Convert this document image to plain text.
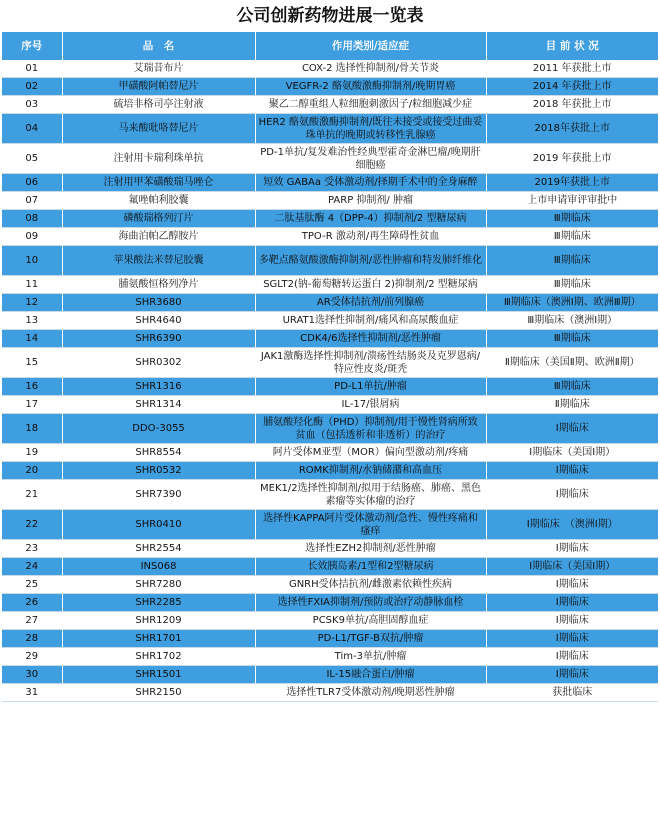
公司创新药物进展一览表
序号	品　名	作用类别/适应症	目 前 状 况
01	艾瑞昔布片	COX-2 选择性抑制剂/骨关节炎	2011 年获批上市
02	甲磺酸阿帕替尼片	VEGFR-2 酪氨酸激酶抑制剂/晚期胃癌	2014 年获批上市
03	硫培非格司亭注射液	聚乙二醇重组人粒细胞刺激因子/粒细胞减少症	2018 年获批上市
04	马来酸吡咯替尼片	HER2 酪氨酸激酶抑制剂/既往未接受或接受过曲妥珠单抗的晚期或转移性乳腺癌	2018年获批上市
05	注射用卡瑞利珠单抗	PD-1单抗/复发难治性经典型霍奇金淋巴瘤/晚期肝细胞癌	2019 年获批上市
06	注射用甲苯磺酸瑞马唑仑	短效 GABAa 受体激动剂/择期手术中的全身麻醉	2019年获批上市
07	氟唑帕利胶囊	PARP 抑制剂/ 肿瘤	上市申请审评审批中
08	磷酸瑞格列汀片	二肽基肽酶 4（DPP-4）抑制剂/2 型糖尿病	Ⅲ期临床
09	海曲泊帕乙醇胺片	TPO-R 激动剂/再生障碍性贫血	Ⅲ期临床
10	苹果酸法米替尼胶囊	多靶点酪氨酸激酶抑制剂/恶性肿瘤和特发肺纤维化	Ⅲ期临床
11	脯氨酸恒格列净片	SGLT2(钠-葡萄糖转运蛋白 2)抑制剂/2 型糖尿病	Ⅲ期临床
12	SHR3680	AR受体拮抗剂/前列腺癌	Ⅲ期临床（澳洲Ⅰ期、欧洲Ⅲ期）
13	SHR4640	URAT1选择性抑制剂/痛风和高尿酸血症	Ⅲ期临床（澳洲Ⅰ期）
14	SHR6390	CDK4/6选择性抑制剂/恶性肿瘤	Ⅲ期临床
15	SHR0302	JAK1激酶选择性抑制剂/溃疡性结肠炎及克罗恩病/特应性皮炎/斑秃	Ⅱ期临床（美国Ⅱ期、欧洲Ⅱ期）
16	SHR1316	PD-L1单抗/肿瘤	Ⅲ期临床
17	SHR1314	IL-17/银屑病	Ⅱ期临床
18	DDO-3055	脯氨酸羟化酶（PHD）抑制剂/用于慢性肾病所致贫血（包括透析和非透析）的治疗	Ⅰ期临床
19	SHR8554	阿片受体M亚型（MOR）偏向型激动剂/疼痛	Ⅰ期临床（美国Ⅰ期）
20	SHR0532	ROMK抑制剂/水钠储潴和高血压	Ⅰ期临床
21	SHR7390	MEK1/2选择性抑制剂/拟用于结肠癌、肺癌、黑色素瘤等实体瘤的治疗	Ⅰ期临床
22	SHR0410	选择性KAPPA阿片受体激动剂/急性、慢性疼痛和瘙痒	Ⅰ期临床　（澳洲Ⅰ期）
23	SHR2554	选择性EZH2抑制剂/恶性肿瘤	Ⅰ期临床
24	INS068	长效胰岛素/1型和2型糖尿病	Ⅰ期临床（美国Ⅰ期）
25	SHR7280	GNRH受体拮抗剂/雌激素依赖性疾病	Ⅰ期临床
26	SHR2285	选择性FXIA抑制剂/预防或治疗动静脉血栓	Ⅰ期临床
27	SHR1209	PCSK9单抗/高胆固醇血症	Ⅰ期临床
28	SHR1701	PD-L1/TGF-B双抗/肿瘤	Ⅰ期临床
29	SHR1702	Tim-3单抗/肿瘤	Ⅰ期临床
30	SHR1501	IL-15融合蛋白/肿瘤	Ⅰ期临床
31	SHR2150	选择性TLR7受体激动剂/晚期恶性肿瘤	获批临床
